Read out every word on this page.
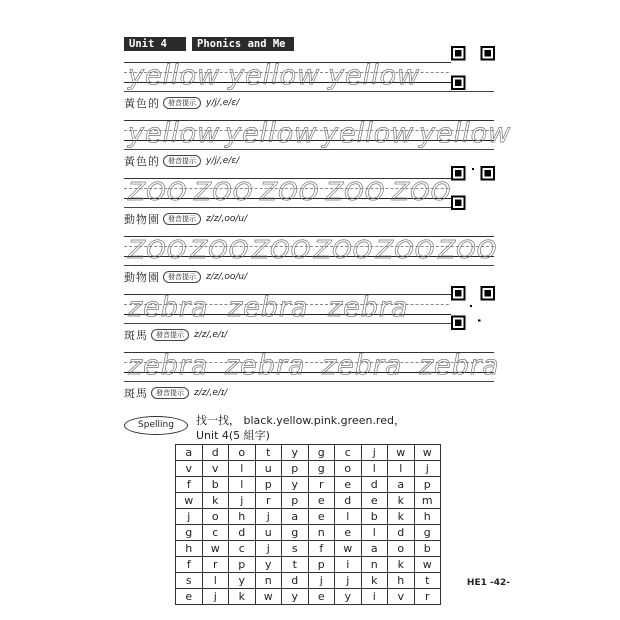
Unit 4	Phonics and Me
yellow yellow yellow
黃色的	發音提示	y/j/,e/ɛ/
yellow yellow yellow yellow
黃色的	發音提示	y/j/,e/ɛ/
ZOO ZOO ZOO ZOO ZOO
動物園	發音提示	z/z/,oo/u/
ZOO ZOO ZOO ZOO ZOO ZOO
動物園	發音提示	z/z/,oo/u/
zebra zebra zebra
斑馬	發音提示	z/z/,e/ɪ/
zebra zebra zebra zebra
斑馬	發音提示	z/z/,e/ɪ/
Spelling	找一找， black.yellow.pink.green.red，
Unit 4(5 組字)
a	d	o	t	y	g	c	j	w	w
v	v	l	u	p	g	o	l	l	j
f	b	l	p	y	r	e	d	a	p
w	k	j	r	p	e	d	e	k	m
j	o	h	j	a	e	l	b	k	h
g	c	d	u	g	n	e	l	d	g
h	w	c	j	s	f	w	a	o	b
f	r	p	y	t	p	i	n	k	w
s	l	y	n	d	j	j	k	h	t
e	j	k	w	y	e	y	i	v	r
HE1 -42-
